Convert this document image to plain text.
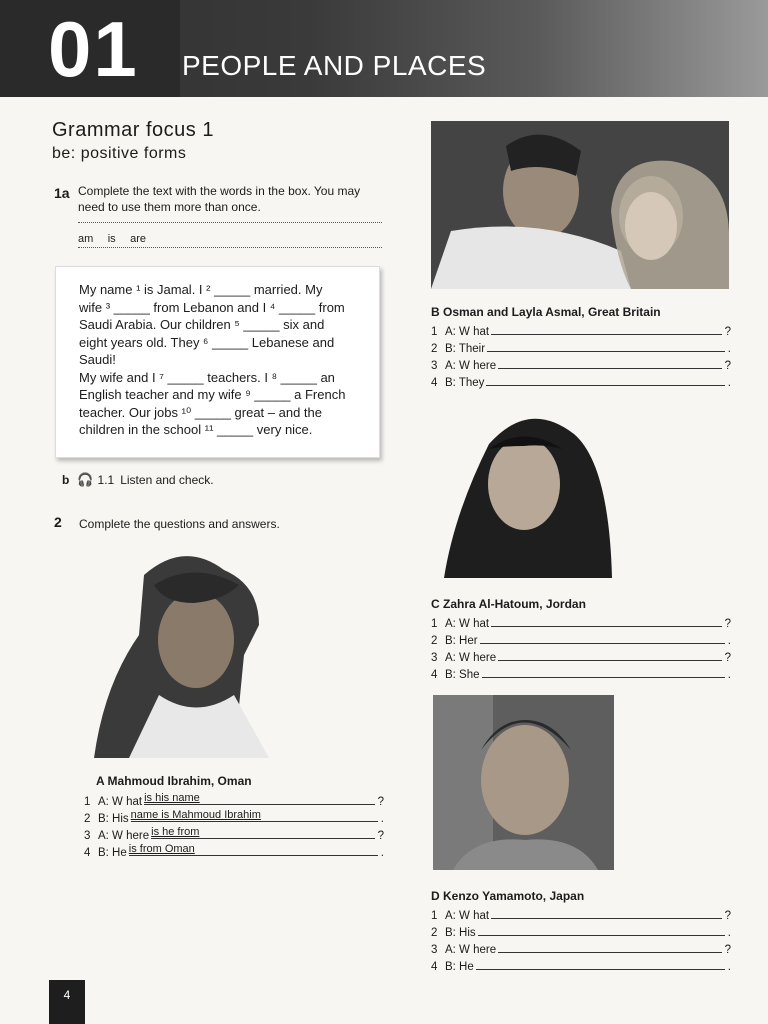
01 PEOPLE AND PLACES
Grammar focus 1
be: positive forms
1a Complete the text with the words in the box. You may need to use them more than once.
am is are

My name ¹ is Jamal. I ² _____ married. My
wife ³ _____ from Lebanon and I ⁴ _____ from
Saudi Arabia. Our children ⁵ _____ six and
eight years old. They ⁶ _____ Lebanese and
Saudi!
My wife and I ⁷ _____ teachers. I ⁸ _____ an
English teacher and my wife ⁹ _____ a French
teacher. Our jobs ¹⁰ _____ great – and the
children in the school ¹¹ _____ very nice.

b 🎧 1.1 Listen and check.
2 Complete the questions and answers.
A Mahmoud Ibrahim, Oman
1 A: W hat is his name	?
2 B: His name is Mahmoud Ibrahim	.
3 A: W here is he from	?
4 B: He is from Oman	.
B Osman and Layla Asmal, Great Britain
1 A: W hat	?
2 B: Their	.
3 A: W here	?
4 B: They	.
C Zahra Al-Hatoum, Jordan
1 A: W hat	?
2 B: Her	.
3 A: W here	?
4 B: She	.
D Kenzo Yamamoto, Japan
1 A: W hat	?
2 B: His	.
3 A: W here	?
4 B: He	.
4
